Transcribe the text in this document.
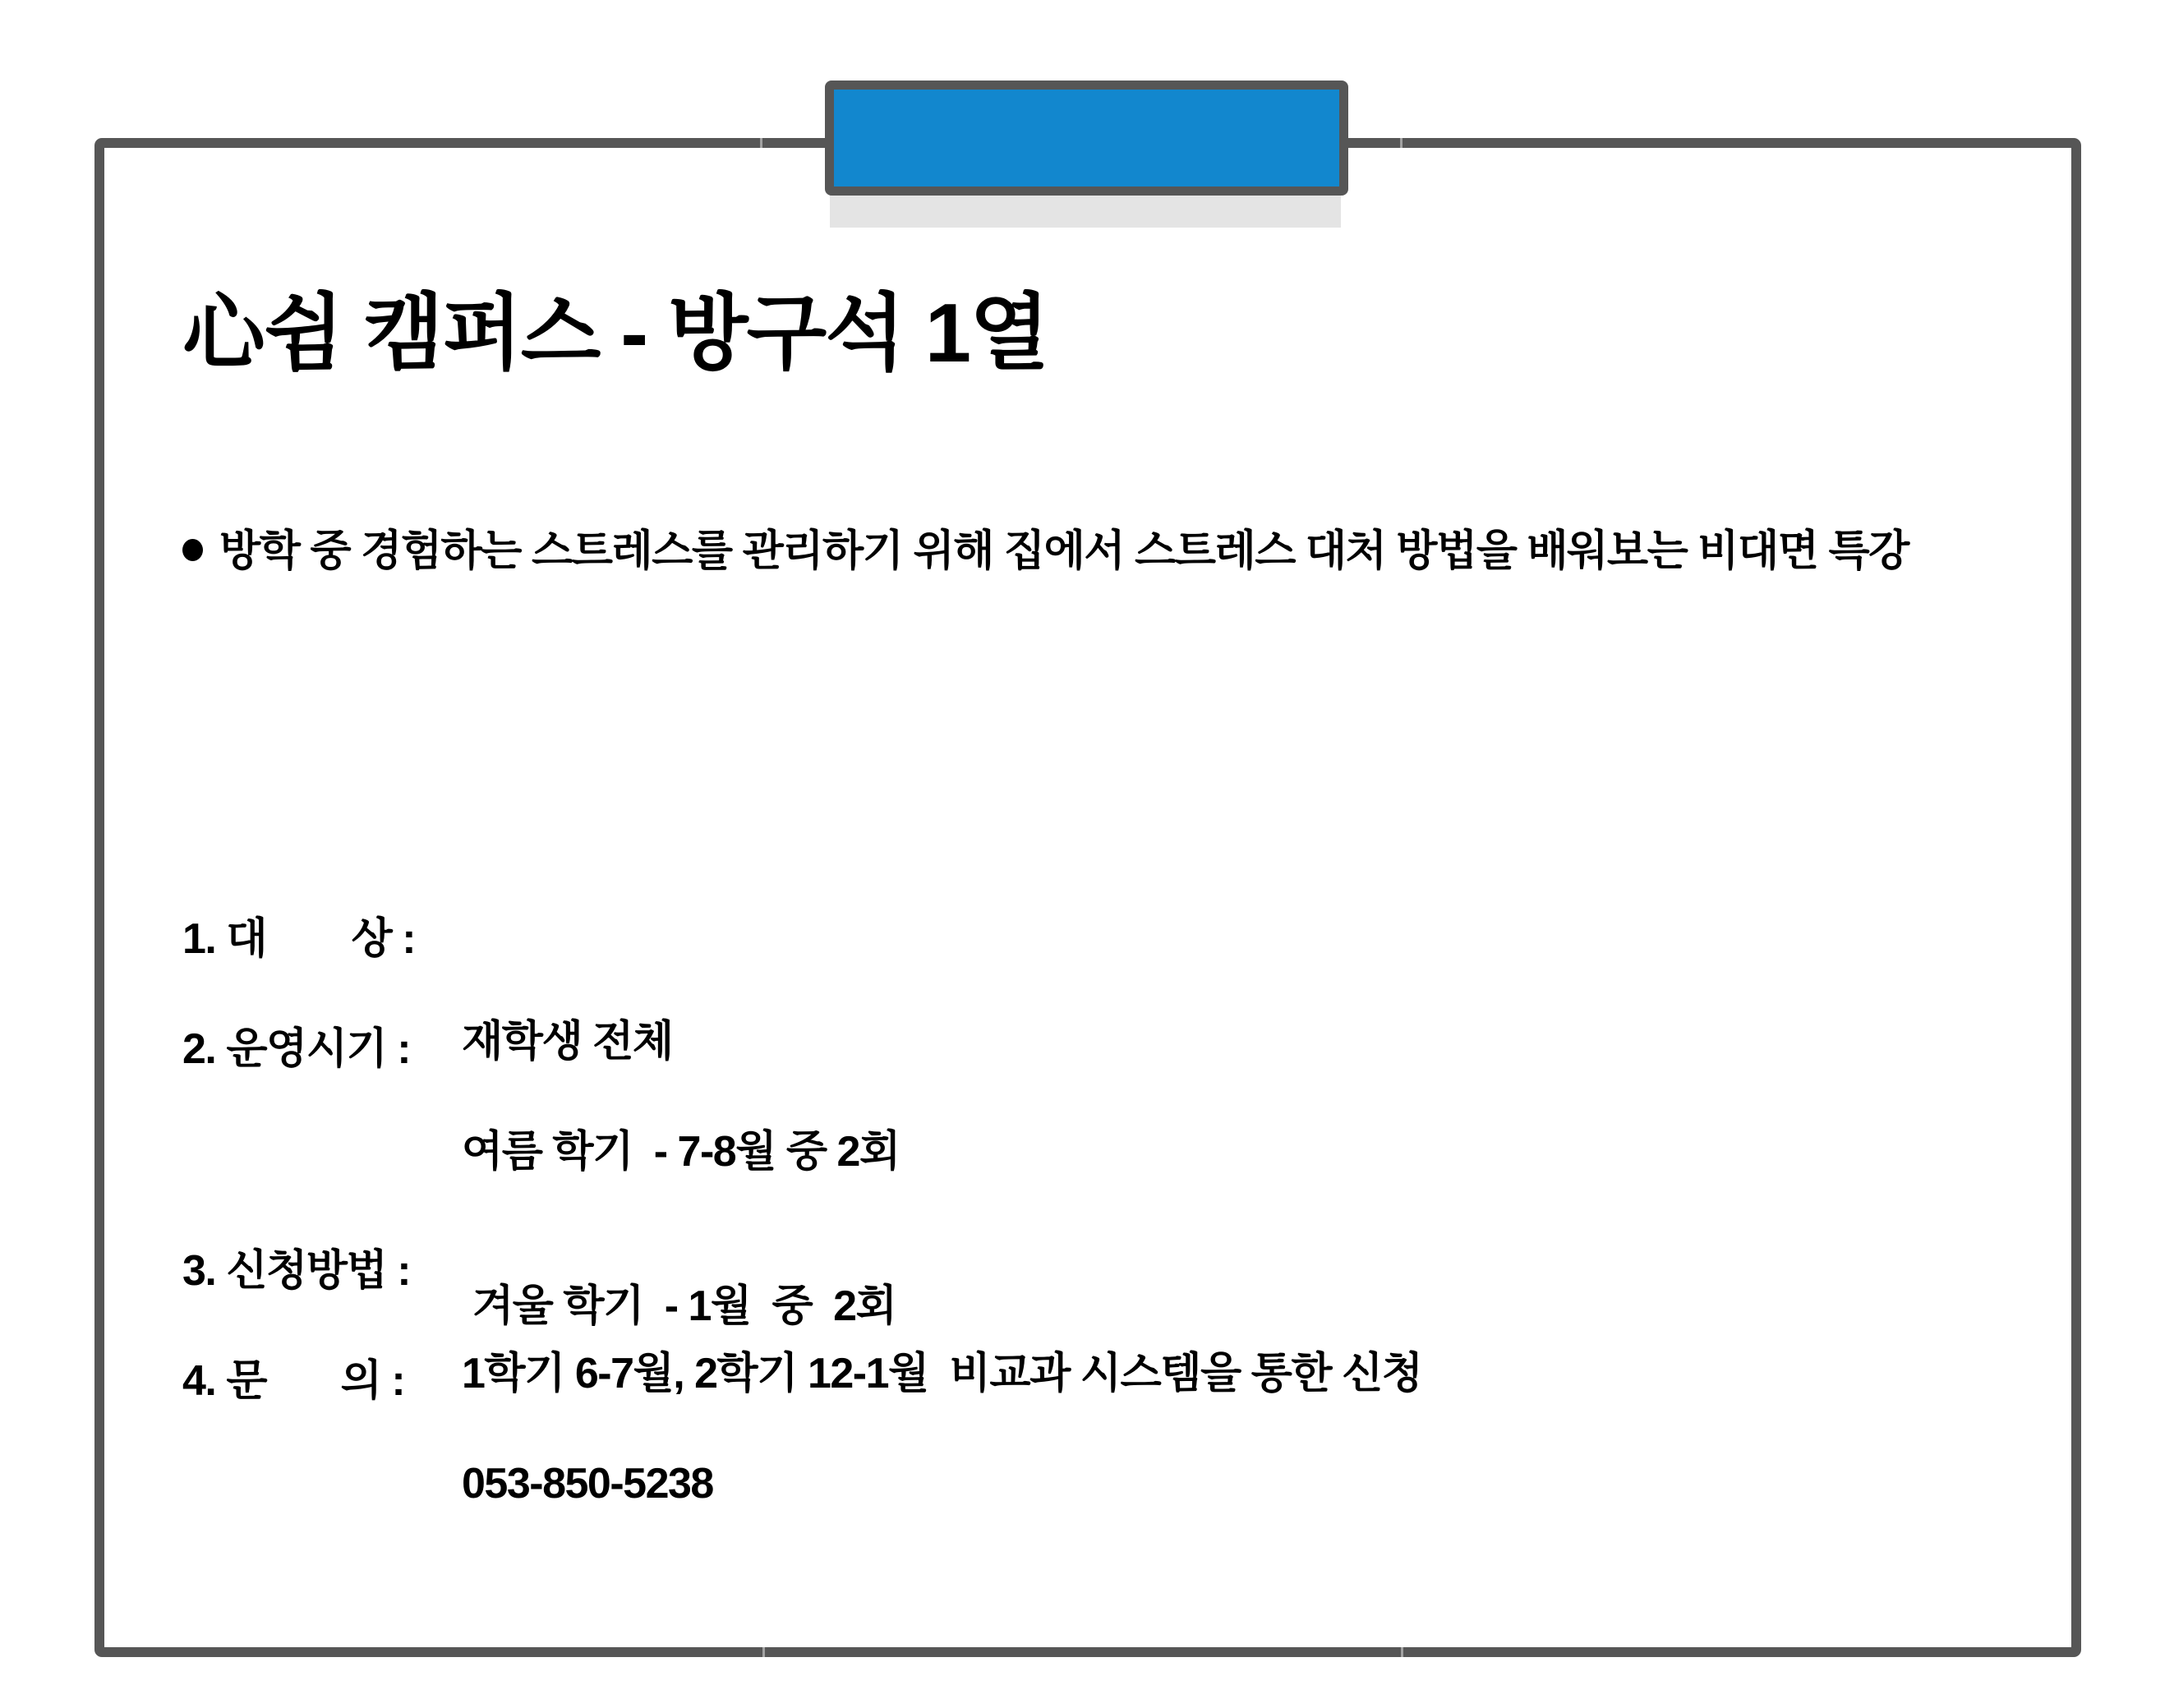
心쉼 캠퍼스 - 방구석 1열
방학 중 경험하는 스트레스를 관리하기 위해 집에서 스트레스 대처 방법을 배워보는 비대면 특강
1. 대        상 :

재학생 전체

2. 운영시기 :

여름 학기  - 7-8월 중 2회

겨울 학기  - 1월  중  2회

3. 신청방법 :

1학기 6-7월, 2학기 12-1월  비교과 시스템을 통한 신청

4. 문       의 :

053-850-5238
